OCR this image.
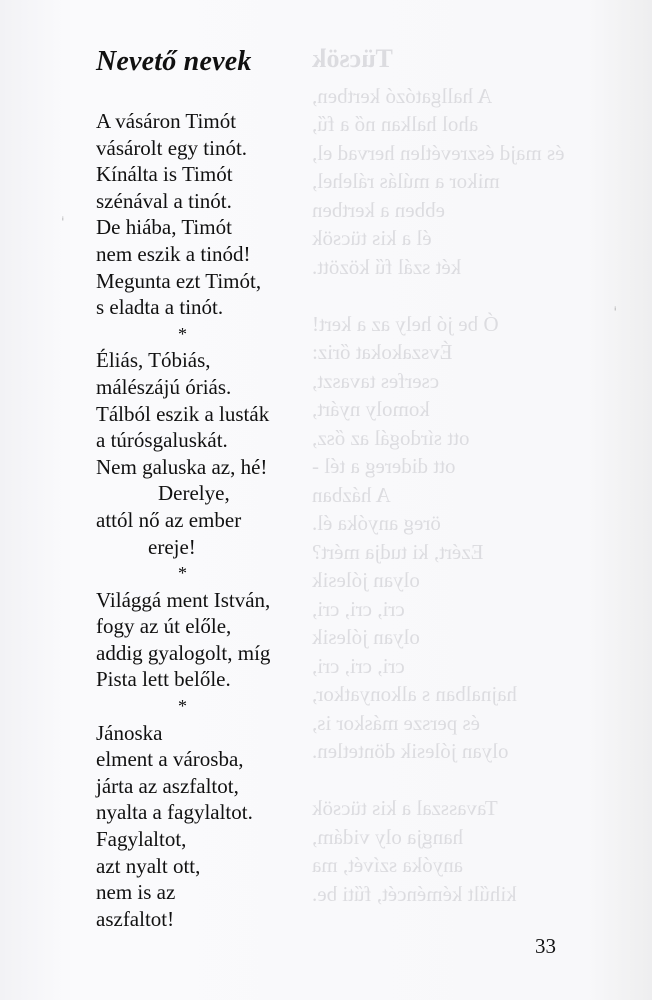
Tücsök

A hallgatózó kertben,

ahol halkan nő a fű,

és majd észrevétlen hervad el,

mikor a múlás rálehel,

ebben a kertben

él a kis tücsök

két szál fű között.

Ó be jó hely az a kert!

Évszakokat őriz:

cserfes tavaszt,

komoly nyárt,

ott sírdogál az ősz,

ott didereg a tél -

A házban

öreg anyóka él.

Ezért, ki tudja mért?

olyan jólesik

cri, cri, cri,

olyan jólesik

cri, cri, cri,

hajnalban s alkonyatkor,

és persze máskor is,

olyan jólesik döntetlen.

Tavasszal a kis tücsök

hangja oly vidám,

anyóka szívét, ma

kihűlt kéméncét, fűti be.

Nevető nevek
A vásáron Timót
vásárolt egy tinót.
Kínálta is Timót
szénával a tinót.
De hiába, Timót
nem eszik a tinód!
Megunta ezt Timót,
s eladta a tinót.
*
Éliás, Tóbiás,
málészájú óriás.
Tálból eszik a lusták
a túrósgaluskát.
Nem galuska az, hé!
Derelye,
attól nő az ember
ereje!
*
Világgá ment István,
fogy az út előle,
addig gyalogolt, míg
Pista lett belőle.
*
Jánoska
elment a városba,
járta az aszfaltot,
nyalta a fagylaltot.
Fagylaltot,
azt nyalt ott,
nem is az
aszfaltot!
33
ⁱ
ⁱ
